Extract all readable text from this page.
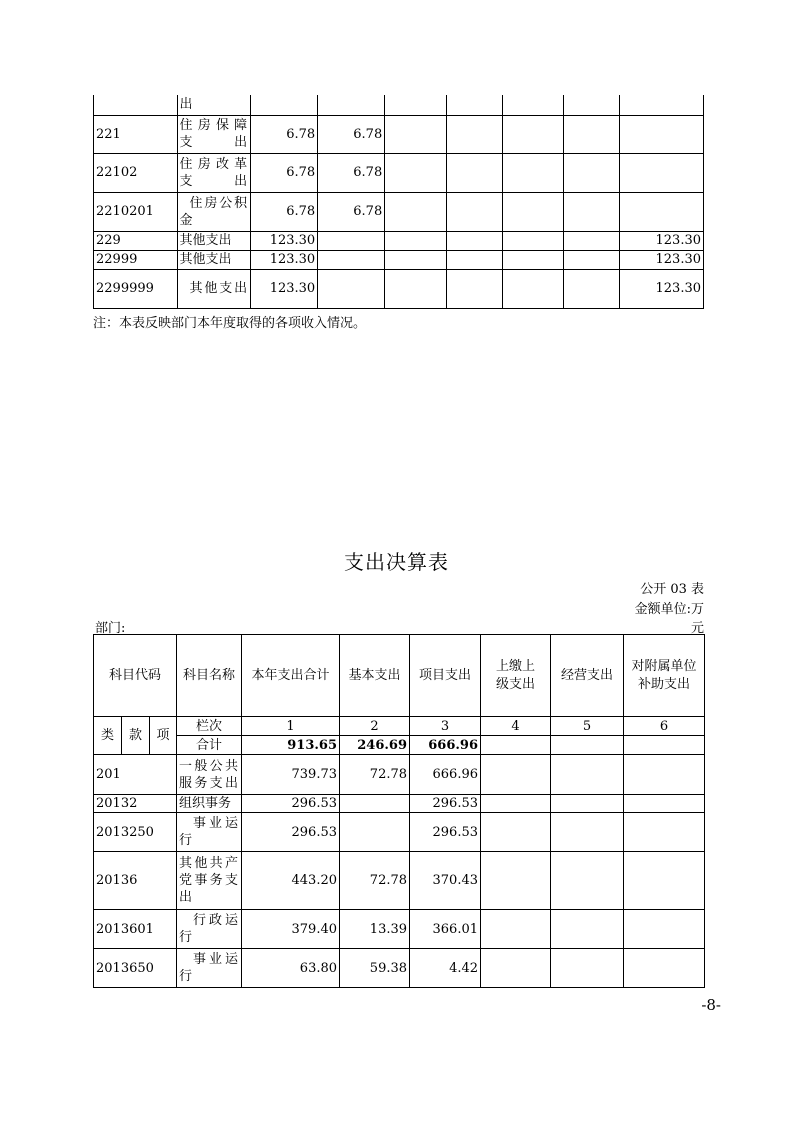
	出							
221	住房保障支出	6.78	6.78					
22102	住房改革支出	6.78	6.78					
2210201	住房公积金	6.78	6.78					
229	其他支出	123.30						123.30
22999	其他支出	123.30						123.30
2299999	其他支出	123.30						123.30
注：本表反映部门本年度取得的各项收入情况。
支出决算表
公开 03 表
金额单位:万
元
部门:
科目代码			科目名称	本年支出合计	基本支出	项目支出	上缴上级支出	经营支出	对附属单位补助支出
类	款	项	栏次	1	2	3	4	5	6
			合计	913.65	246.69	666.96			
201			一般公共服务支出	739.73	72.78	666.96			
20132			组织事务	296.53		296.53			
2013250			事业运行	296.53		296.53			
20136			其他共产党事务支出	443.20	72.78	370.43			
2013601			行政运行	379.40	13.39	366.01			
2013650			事业运行	63.80	59.38	4.42			
-8-
